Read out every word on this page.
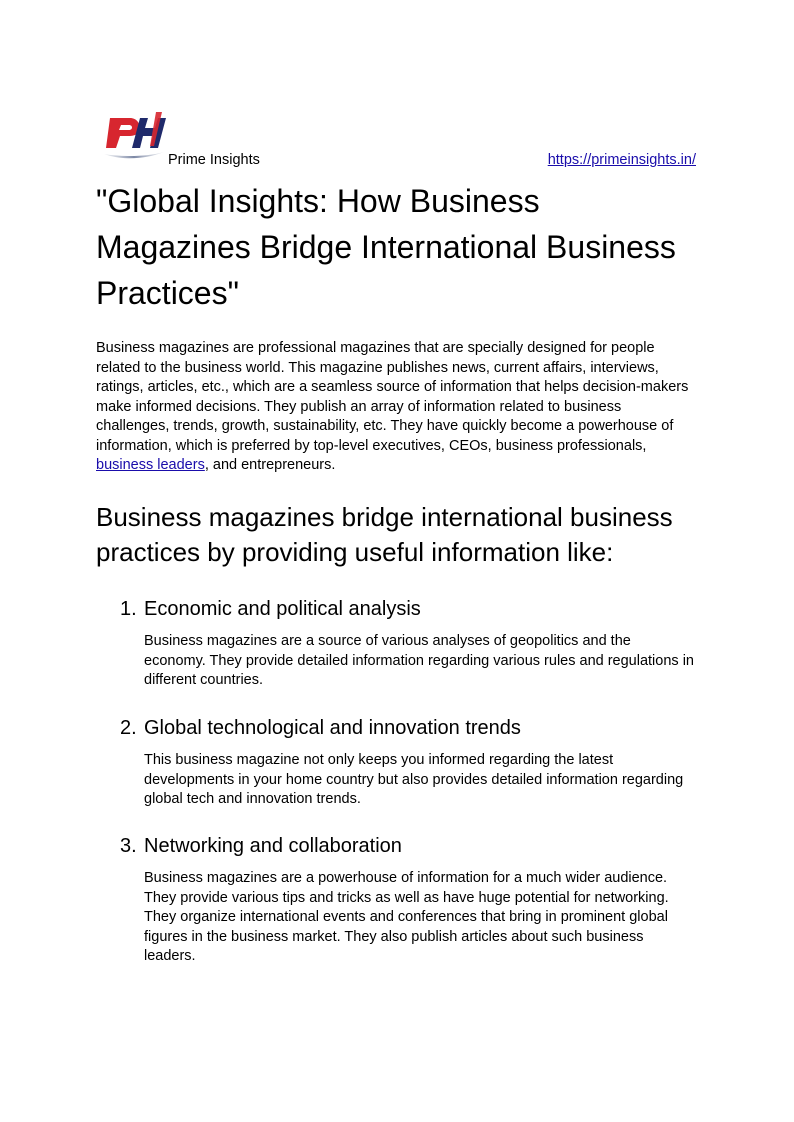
Prime Insights	https://primeinsights.in/
"Global Insights: How Business Magazines Bridge International Business Practices"

Business magazines are professional magazines that are specially designed for people related to the business world. This magazine publishes news, current affairs, interviews, ratings, articles, etc., which are a seamless source of information that helps decision-makers make informed decisions. They publish an array of information related to business challenges, trends, growth, sustainability, etc. They have quickly become a powerhouse of information, which is preferred by top-level executives, CEOs, business professionals, business leaders, and entrepreneurs.

Business magazines bridge international business practices by providing useful information like:
1. Economic and political analysis

Business magazines are a source of various analyses of geopolitics and the economy. They provide detailed information regarding various rules and regulations in different countries.

2. Global technological and innovation trends

This business magazine not only keeps you informed regarding the latest developments in your home country but also provides detailed information regarding global tech and innovation trends.

3. Networking and collaboration

Business magazines are a powerhouse of information for a much wider audience. They provide various tips and tricks as well as have huge potential for networking. They organize international events and conferences that bring in prominent global figures in the business market. They also publish articles about such business leaders.
